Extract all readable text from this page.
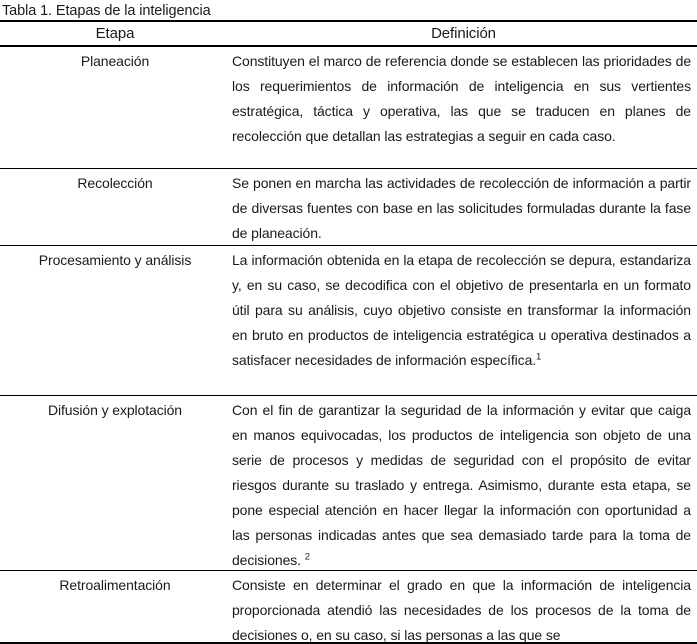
Tabla 1. Etapas de la inteligencia
Etapa	Definición
Planeación	Constituyen el marco de referencia donde se establecen las prioridades de los requerimientos de información de inteligencia en sus vertientes estratégica, táctica y operativa, las que se traducen en planes de recolección que detallan las estrategias a seguir en cada caso.
Recolección	Se ponen en marcha las actividades de recolección de información a partir de diversas fuentes con base en las solicitudes formuladas durante la fase de planeación.
Procesamiento y análisis	La información obtenida en la etapa de recolección se depura, estandariza y, en su caso, se decodifica con el objetivo de presentarla en un formato útil para su análisis, cuyo objetivo consiste en transformar la información en bruto en productos de inteligencia estratégica u operativa destinados a satisfacer necesidades de información específica.$^1$
Difusión y explotación	Con el fin de garantizar la seguridad de la información y evitar que caiga en manos equivocadas, los productos de inteligencia son objeto de una serie de procesos y medidas de seguridad con el propósito de evitar riesgos durante su traslado y entrega. Asimismo, durante esta etapa, se pone especial atención en hacer llegar la información con oportunidad a las personas indicadas antes que sea demasiado tarde para la toma de decisiones. $^2$
Retroalimentación	Consiste en determinar el grado en que la información de inteligencia proporcionada atendió las necesidades de los procesos de la toma de decisiones o, en su caso, si las personas a las que se
